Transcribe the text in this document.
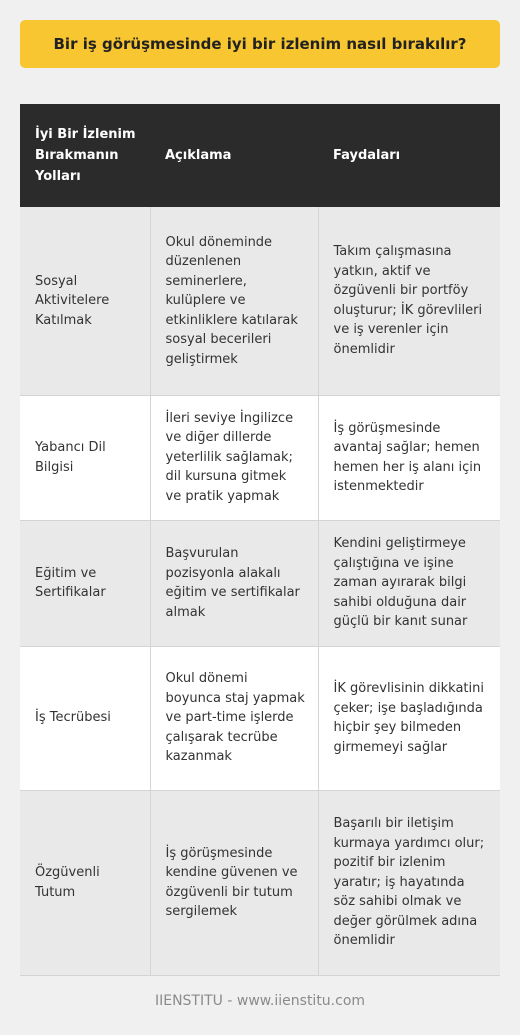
Bir iş görüşmesinde iyi bir izlenim nasıl bırakılır?
İyi Bir İzlenim Bırakmanın Yolları	Açıklama	Faydaları
Sosyal Aktivitelere Katılmak	Okul döneminde düzenlenen seminerlere, kulüplere ve etkinliklere katılarak sosyal becerileri geliştirmek	Takım çalışmasına yatkın, aktif ve özgüvenli bir portföy oluşturur; İK görevlileri ve iş verenler için önemlidir
Yabancı Dil Bilgisi	İleri seviye İngilizce ve diğer dillerde yeterlilik sağlamak; dil kursuna gitmek ve pratik yapmak	İş görüşmesinde avantaj sağlar; hemen hemen her iş alanı için istenmektedir
Eğitim ve Sertifikalar	Başvurulan pozisyonla alakalı eğitim ve sertifikalar almak	Kendini geliştirmeye çalıştığına ve işine zaman ayırarak bilgi sahibi olduğuna dair güçlü bir kanıt sunar
İş Tecrübesi	Okul dönemi boyunca staj yapmak ve part-time işlerde çalışarak tecrübe kazanmak	İK görevlisinin dikkatini çeker; işe başladığında hiçbir şey bilmeden girmemeyi sağlar
Özgüvenli Tutum	İş görüşmesinde kendine güvenen ve özgüvenli bir tutum sergilemek	Başarılı bir iletişim kurmaya yardımcı olur; pozitif bir izlenim yaratır; iş hayatında söz sahibi olmak ve değer görülmek adına önemlidir
IIENSTITU - www.iienstitu.com
